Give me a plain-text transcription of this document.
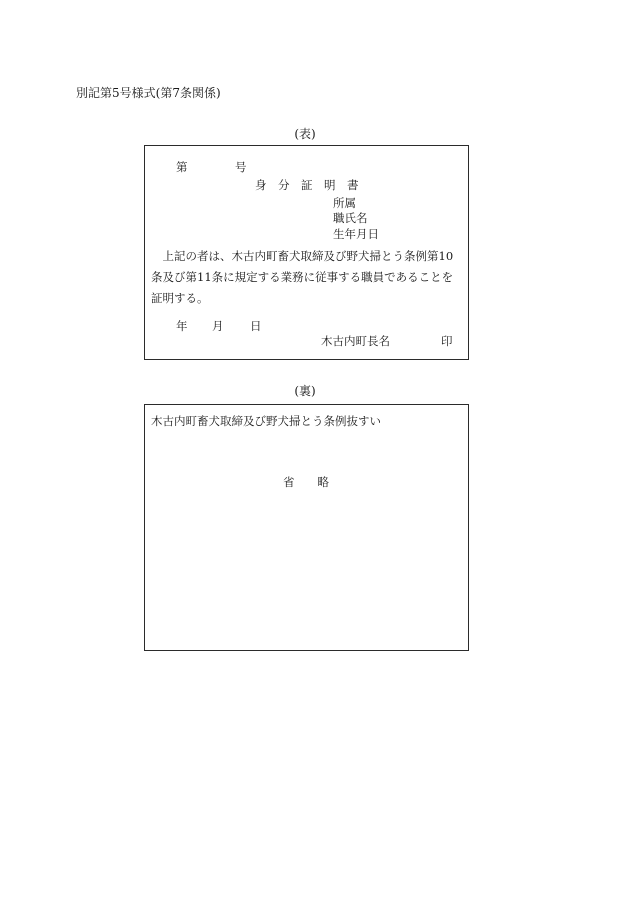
別記第5号様式(第7条関係)
(表)
第	号
身　分　証　明　書
所属
職氏名
生年月日
　上記の者は、木古内町畜犬取締及び野犬掃とう条例第10
条及び第11条に規定する業務に従事する職員であることを
証明する。
年 月 日
木古内町長名	印
(裏)
木古内町畜犬取締及び野犬掃とう条例抜すい
省　　略
